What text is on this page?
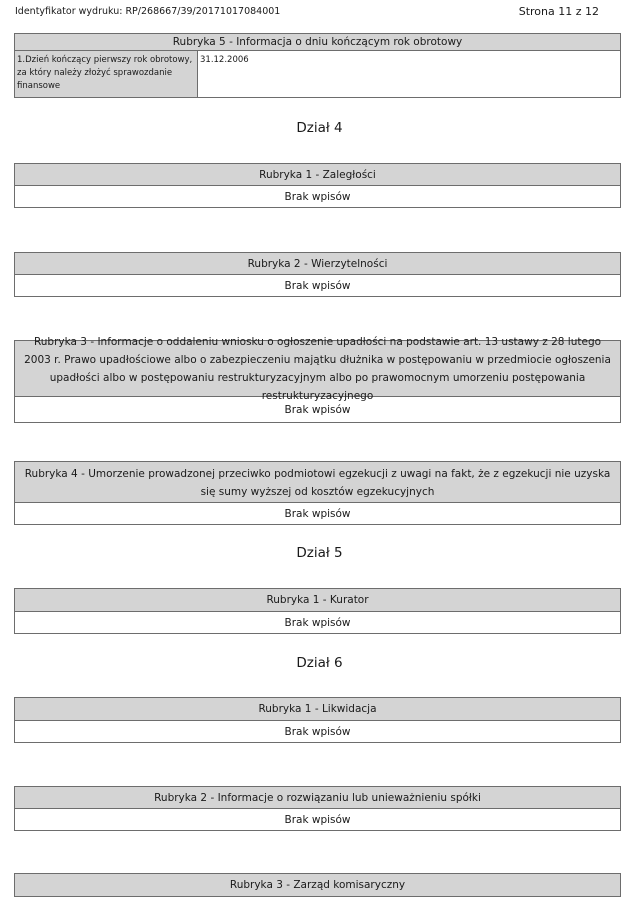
Identyfikator wydruku: RP/268667/39/20171017084001	Strona 11 z 12
Rubryka 5 - Informacja o dniu kończącym rok obrotowy
1.Dzień kończący pierwszy rok obrotowy, za który należy złożyć sprawozdanie finansowe
31.12.2006
Dział 4
Rubryka 1 - Zaległości
Brak wpisów
Rubryka 2 - Wierzytelności
Brak wpisów
Rubryka 3 - Informacje o oddaleniu wniosku o ogłoszenie upadłości na podstawie art. 13 ustawy z 28 lutego 2003 r. Prawo upadłościowe albo o zabezpieczeniu majątku dłużnika w postępowaniu w przedmiocie ogłoszenia upadłości albo w postępowaniu restrukturyzacyjnym albo po prawomocnym umorzeniu postępowania restrukturyzacyjnego
Brak wpisów
Rubryka 4 - Umorzenie prowadzonej przeciwko podmiotowi egzekucji z uwagi na fakt, że z egzekucji nie uzyska się sumy wyższej od kosztów egzekucyjnych
Brak wpisów
Dział 5
Rubryka 1 - Kurator
Brak wpisów
Dział 6
Rubryka 1 - Likwidacja
Brak wpisów
Rubryka 2 - Informacje o rozwiązaniu lub unieważnieniu spółki
Brak wpisów
Rubryka 3 - Zarząd komisaryczny
